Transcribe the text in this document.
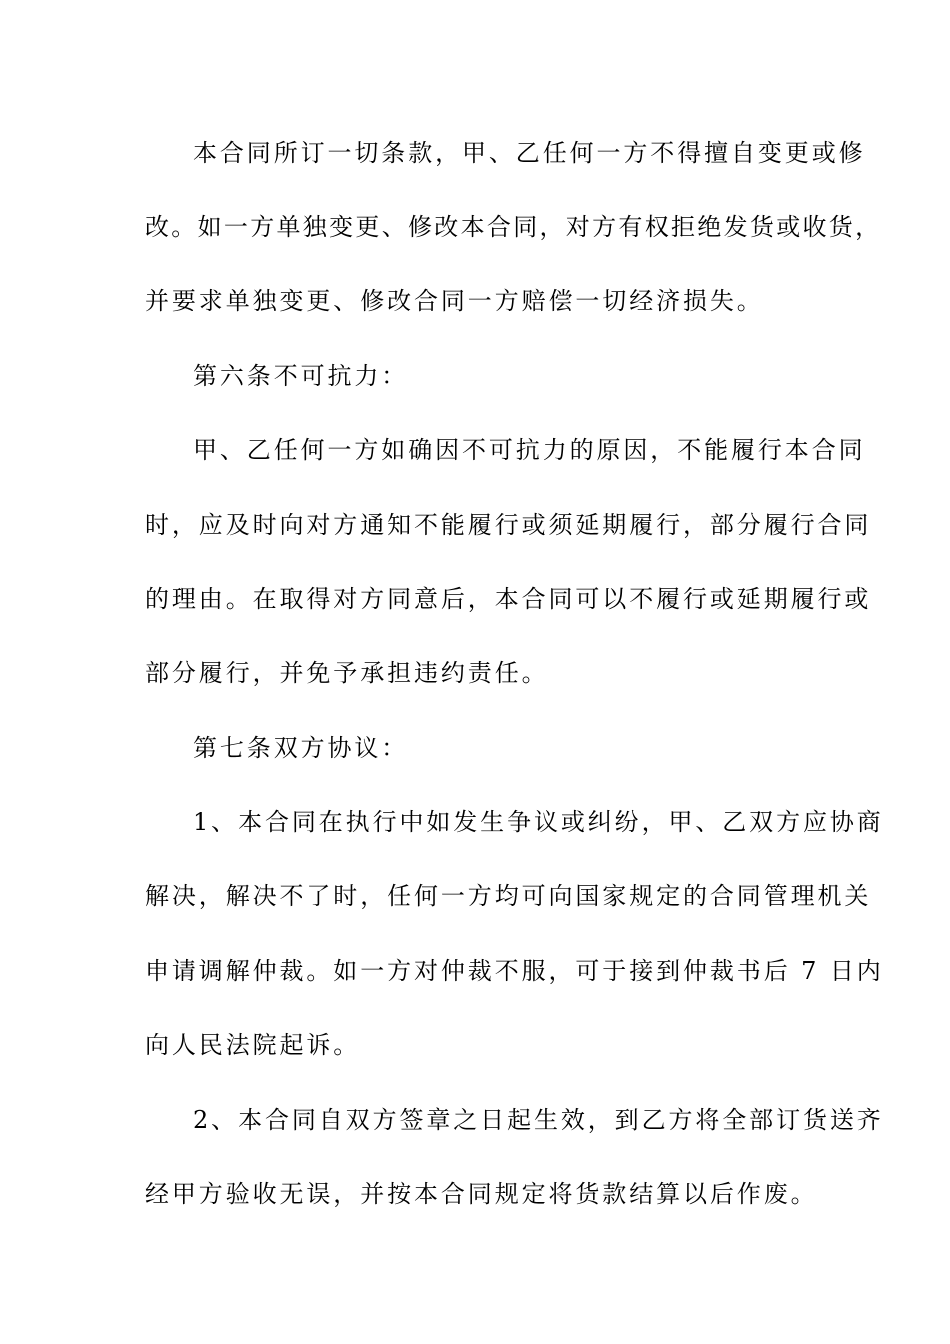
本合同所订一切条款，甲、乙任何一方不得擅自变更或修
改。如一方单独变更、修改本合同，对方有权拒绝发货或收货，
并要求单独变更、修改合同一方赔偿一切经济损失。
第六条不可抗力：
甲、乙任何一方如确因不可抗力的原因，不能履行本合同
时，应及时向对方通知不能履行或须延期履行，部分履行合同
的理由。在取得对方同意后，本合同可以不履行或延期履行或
部分履行，并免予承担违约责任。
第七条双方协议：
1、本合同在执行中如发生争议或纠纷，甲、乙双方应协商
解决，解决不了时，任何一方均可向国家规定的合同管理机关
申请调解仲裁。如一方对仲裁不服，可于接到仲裁书后 7 日内
向人民法院起诉。
2、本合同自双方签章之日起生效，到乙方将全部订货送齐
经甲方验收无误，并按本合同规定将货款结算以后作废。
